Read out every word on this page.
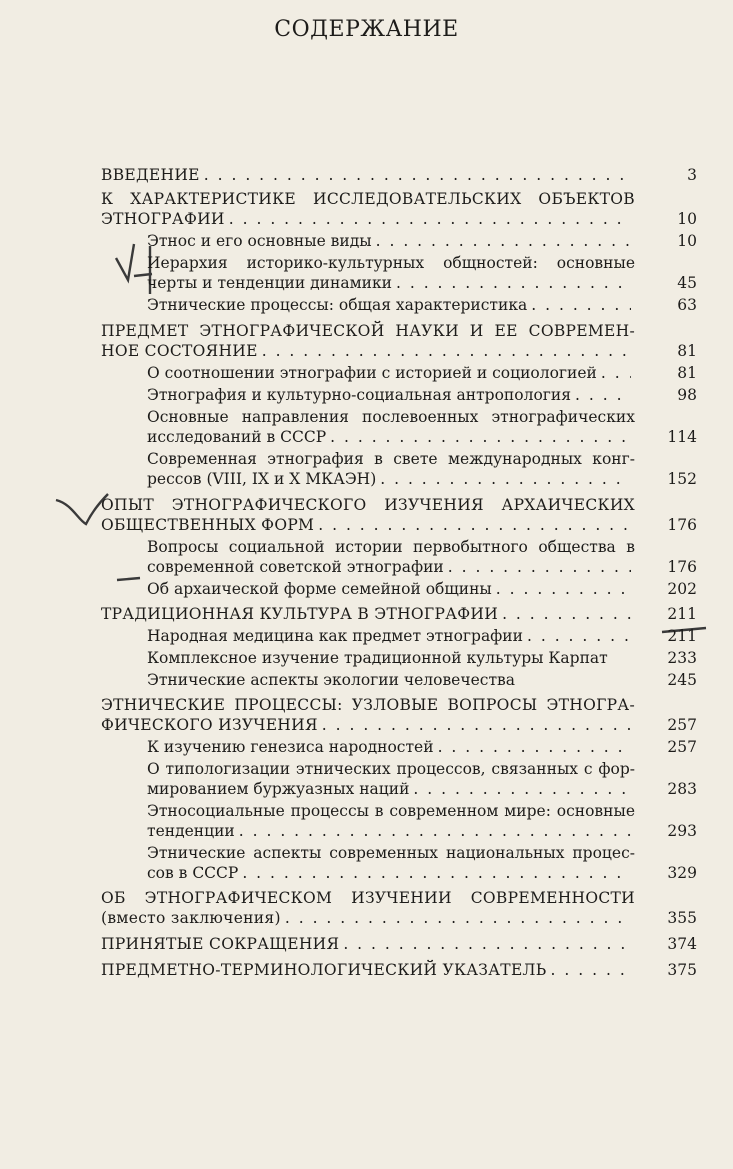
СОДЕРЖАНИЕ
ВВЕДЕНИЕ . . .	3
К ХАРАКТЕРИСТИКЕ ИССЛЕДОВАТЕЛЬСКИХ ОБЪЕКТОВ
ЭТНОГРАФИИ . . .	10
Этнос и его основные виды . . .	10
Иерархия историко-культурных общностей: основные
черты и тенденции динамики . . .	45
Этнические процессы: общая характеристика . . .	63
ПРЕДМЕТ ЭТНОГРАФИЧЕСКОЙ НАУКИ И ЕЕ СОВРЕМЕН-
НОЕ СОСТОЯНИЕ . . .	81
О соотношении этнографии с историей и социологией . . .	81
Этнография и культурно-социальная антропология . . .	98
Основные направления послевоенных этнографических
исследований в СССР . . .	114
Современная этнография в свете международных конг-
рессов (VIII, IX и X МКАЭН) . . .	152
ОПЫТ ЭТНОГРАФИЧЕСКОГО ИЗУЧЕНИЯ АРХАИЧЕСКИХ
ОБЩЕСТВЕННЫХ ФОРМ . . .	176
Вопросы социальной истории первобытного общества в
современной советской этнографии . . .	176
Об архаической форме семейной общины . . .	202
ТРАДИЦИОННАЯ КУЛЬТУРА В ЭТНОГРАФИИ . . .	211
Народная медицина как предмет этнографии . . .	211
Комплексное изучение традиционной культуры Карпат	233
Этнические аспекты экологии человечества	245
ЭТНИЧЕСКИЕ ПРОЦЕССЫ: УЗЛОВЫЕ ВОПРОСЫ ЭТНОГРА-
ФИЧЕСКОГО ИЗУЧЕНИЯ . . .	257
К изучению генезиса народностей . . .	257
О типологизации этнических процессов, связанных с фор-
мированием буржуазных наций . . .	283
Этносоциальные процессы в современном мире: основные
тенденции . . .	293
Этнические аспекты современных национальных процес-
сов в СССР . . .	329
ОБ ЭТНОГРАФИЧЕСКОМ ИЗУЧЕНИИ СОВРЕМЕННОСТИ
(вместо заключения) . . .	355
ПРИНЯТЫЕ СОКРАЩЕНИЯ . . .	374
ПРЕДМЕТНО-ТЕРМИНОЛОГИЧЕСКИЙ УКАЗАТЕЛЬ . . .	375
